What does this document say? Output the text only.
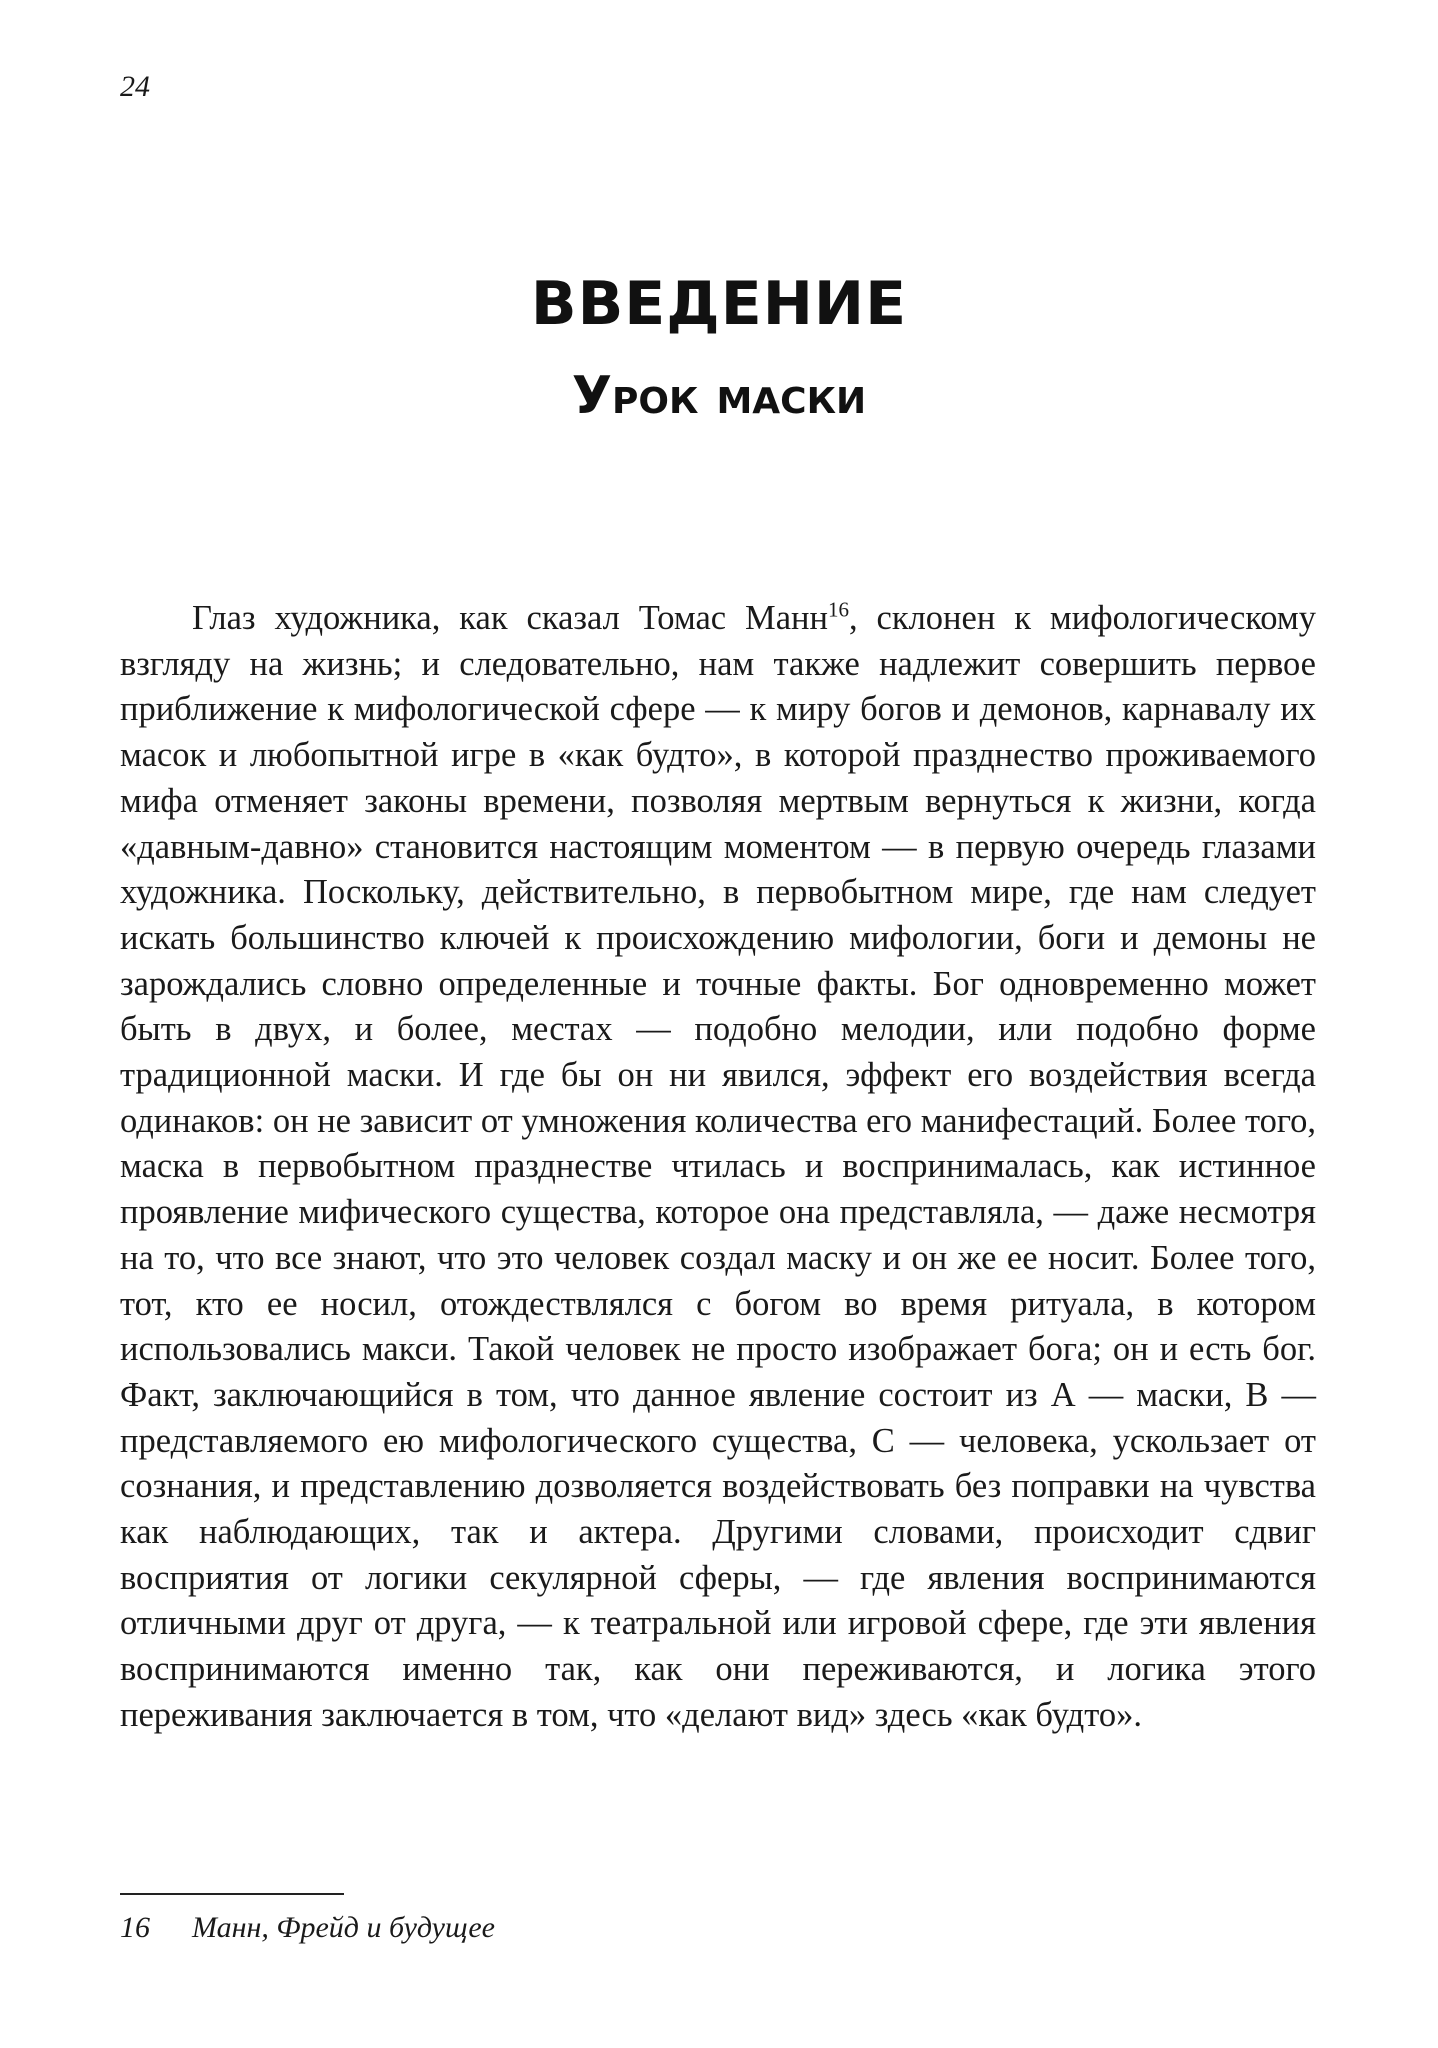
24
ВВЕДЕНИЕ
Урок маски

Глаз художника, как сказал Томас Манн$^{16}$, склонен к мифологическому взгляду на жизнь; и следовательно, нам также надлежит совершить первое приближение к мифологической сфере — к миру богов и демонов, карнавалу их масок и любопытной игре в «как будто», в которой празднество проживаемого мифа отменяет законы времени, позволяя мертвым вернуться к жизни, когда «давным-давно» становится настоящим моментом — в первую очередь глазами художника. Поскольку, действительно, в первобытном мире, где нам следует искать большинство ключей к происхождению мифологии, боги и демоны не зарождались словно определенные и точные факты. Бог одновременно может быть в двух, и более, местах — подобно мелодии, или подобно форме традиционной маски. И где бы он ни явился, эффект его воздействия всегда одинаков: он не зависит от умножения количества его манифестаций. Более того, маска в первобытном празднестве чтилась и воспринималась, как истинное проявление мифического существа, которое она представляла, — даже несмотря на то, что все знают, что это человек создал маску и он же ее носит. Более того, тот, кто ее носил, отождествлялся с богом во время ритуала, в котором использовались макси. Такой человек не просто изображает бога; он и есть бог. Факт, заключающийся в том, что данное явление состоит из А — маски, В — представляемого ею мифологического существа, С — человека, ускользает от сознания, и представлению дозволяется воздействовать без поправки на чувства как наблюдающих, так и актера. Другими словами, происходит сдвиг восприятия от логики секулярной сферы, — где явления воспринимаются отличными друг от друга, — к театральной или игровой сфере, где эти явления воспринимаются именно так, как они переживаются, и логика этого переживания заключается в том, что «делают вид» здесь «как будто».

16 Манн, Фрейд и будущее
